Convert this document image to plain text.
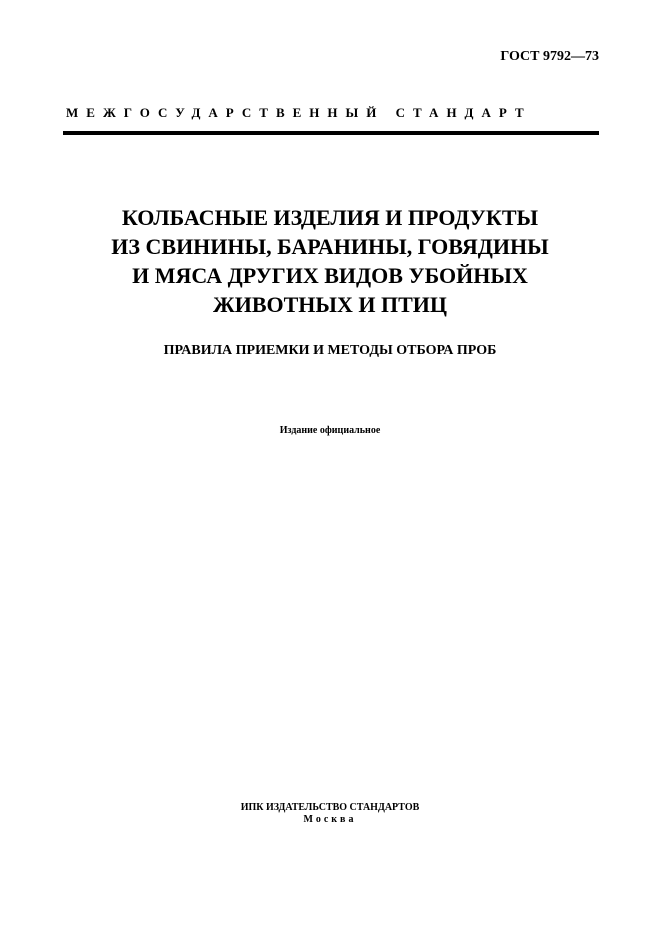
ГОСТ 9792—73
МЕЖГОСУДАРСТВЕННЫЙ СТАНДАРТ
КОЛБАСНЫЕ ИЗДЕЛИЯ И ПРОДУКТЫ
ИЗ СВИНИНЫ, БАРАНИНЫ, ГОВЯДИНЫ
И МЯСА ДРУГИХ ВИДОВ УБОЙНЫХ
ЖИВОТНЫХ И ПТИЦ
ПРАВИЛА ПРИЕМКИ И МЕТОДЫ ОТБОРА ПРОБ
Издание официальное
ИПК ИЗДАТЕЛЬСТВО СТАНДАРТОВ
Москва
